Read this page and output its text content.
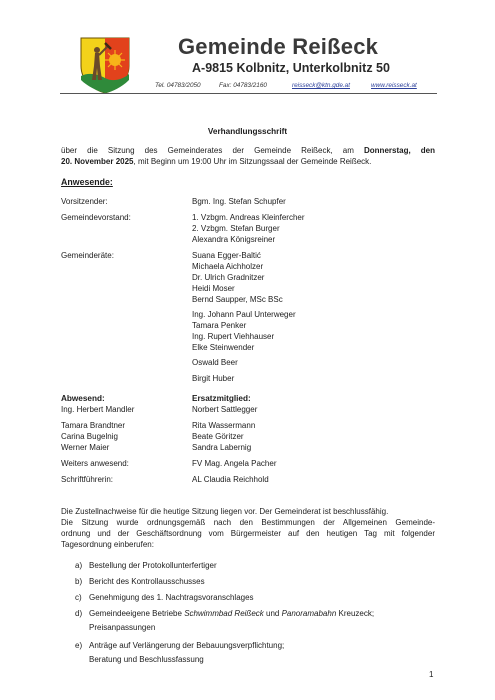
Gemeinde Reißeck
A-9815 Kolbnitz, Unterkolbnitz 50
Tel. 04783/2050	Fax: 04783/2160	reisseck@ktn.gde.at	www.reisseck.at
Verhandlungsschrift
über die Sitzung des Gemeinderates der Gemeinde Reißeck, am Donnerstag, den
20. November 2025, mit Beginn um 19:00 Uhr im Sitzungssaal der Gemeinde Reißeck.
Anwesende:
Vorsitzender:	Bgm. Ing. Stefan Schupfer
Gemeindevorstand:	1. Vzbgm. Andreas Kleinfercher
2. Vzbgm. Stefan Burger
Alexandra Königsreiner
Gemeinderäte:	Suana Egger-Baltić
Michaela Aichholzer
Dr. Ulrich Gradnitzer
Heidi Moser
Bernd Saupper, MSc BSc
Ing. Johann Paul Unterweger
Tamara Penker
Ing. Rupert Viehhauser
Elke Steinwender
Oswald Beer
Birgit Huber
Abwesend:	Ersatzmitglied:
Ing. Herbert Mandler	Norbert Sattlegger
Tamara Brandtner	Rita Wassermann
Carina Bugelnig	Beate Göritzer
Werner Maier	Sandra Labernig
Weiters anwesend:	FV Mag. Angela Pacher
Schriftführerin:	AL Claudia Reichhold
Die Zustellnachweise für die heutige Sitzung liegen vor. Der Gemeinderat ist beschlussfähig.
Die Sitzung wurde ordnungsgemäß nach den Bestimmungen der Allgemeinen Gemeinde-
ordnung und der Geschäftsordnung vom Bürgermeister auf den heutigen Tag mit folgender
Tagesordnung einberufen:
a) Bestellung der Protokollunterfertiger
b) Bericht des Kontrollausschusses
c) Genehmigung des 1. Nachtragsvoranschlages
d) Gemeindeeigene Betriebe Schwimmbad Reißeck und Panoramabahn Kreuzeck;
Preisanpassungen
e) Anträge auf Verlängerung der Bebauungsverpflichtung;
Beratung und Beschlussfassung
1
